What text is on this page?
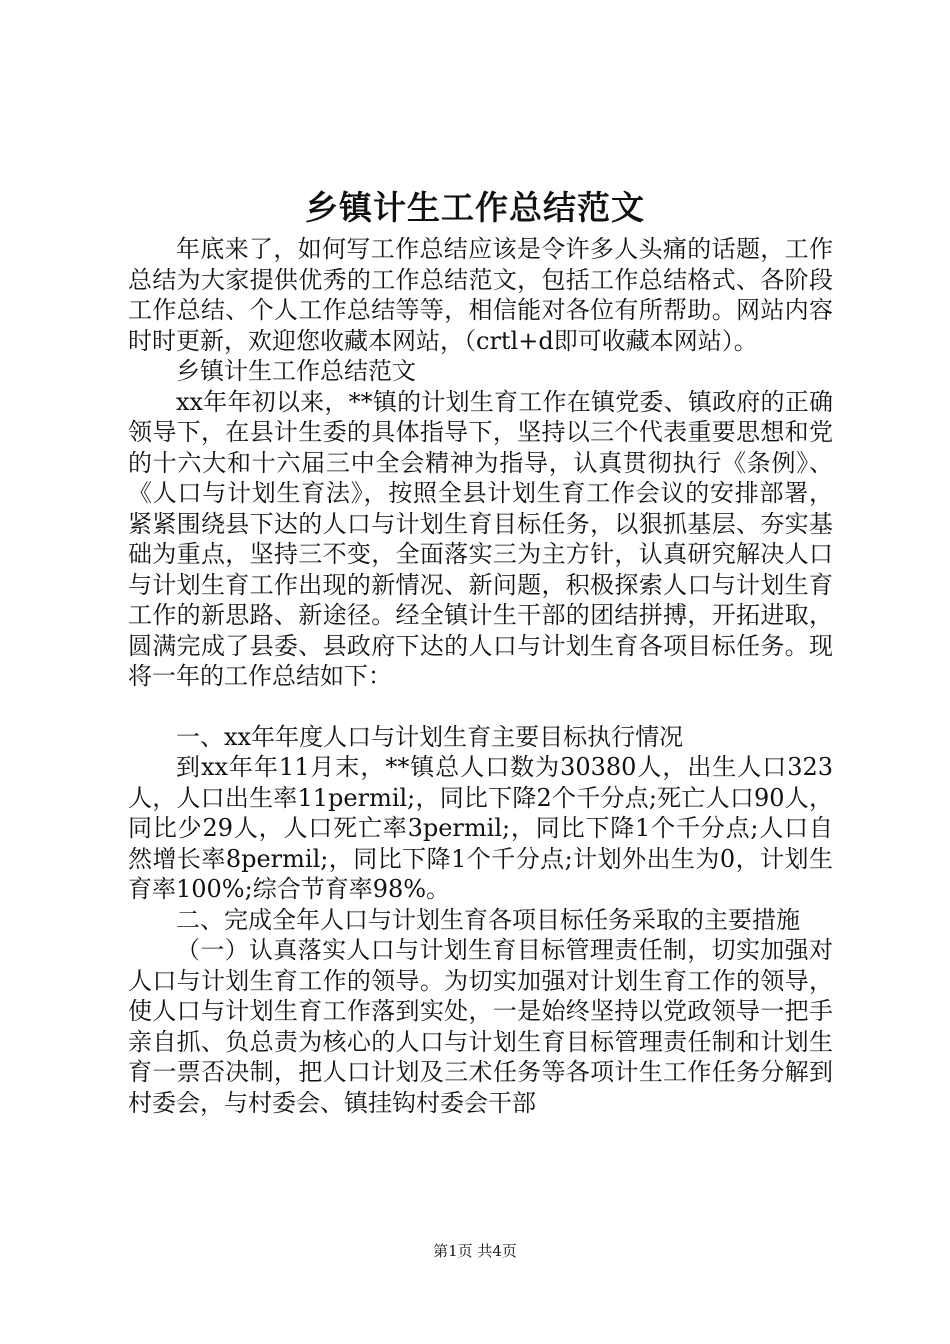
乡镇计生工作总结范文

年底来了，如何写工作总结应该是令许多人头痛的话题，工作总结为大家提供优秀的工作总结范文，包括工作总结格式、各阶段工作总结、个人工作总结等等，相信能对各位有所帮助。网站内容时时更新，欢迎您收藏本网站，（crtl+d即可收藏本网站）。

乡镇计生工作总结范文

xx年年初以来，**镇的计划生育工作在镇党委、镇政府的正确领导下，在县计生委的具体指导下，坚持以三个代表重要思想和党的十六大和十六届三中全会精神为指导，认真贯彻执行《条例》、《人口与计划生育法》，按照全县计划生育工作会议的安排部署，紧紧围绕县下达的人口与计划生育目标任务，以狠抓基层、夯实基础为重点，坚持三不变，全面落实三为主方针，认真研究解决人口与计划生育工作出现的新情况、新问题，积极探索人口与计划生育工作的新思路、新途径。经全镇计生干部的团结拼搏，开拓进取，圆满完成了县委、县政府下达的人口与计划生育各项目标任务。现将一年的工作总结如下：

一、xx年年度人口与计划生育主要目标执行情况

到xx年年11月末，**镇总人口数为30380人，出生人口323人，人口出生率11permil;，同比下降2个千分点;死亡人口90人，同比少29人，人口死亡率3permil;，同比下降1个千分点;人口自然增长率8permil;，同比下降1个千分点;计划外出生为0，计划生育率100%;综合节育率98%。

二、完成全年人口与计划生育各项目标任务采取的主要措施

（一）认真落实人口与计划生育目标管理责任制，切实加强对人口与计划生育工作的领导。为切实加强对计划生育工作的领导，使人口与计划生育工作落到实处，一是始终坚持以党政领导一把手亲自抓、负总责为核心的人口与计划生育目标管理责任制和计划生育一票否决制，把人口计划及三术任务等各项计生工作任务分解到村委会，与村委会、镇挂钩村委会干部

第1页 共4页
